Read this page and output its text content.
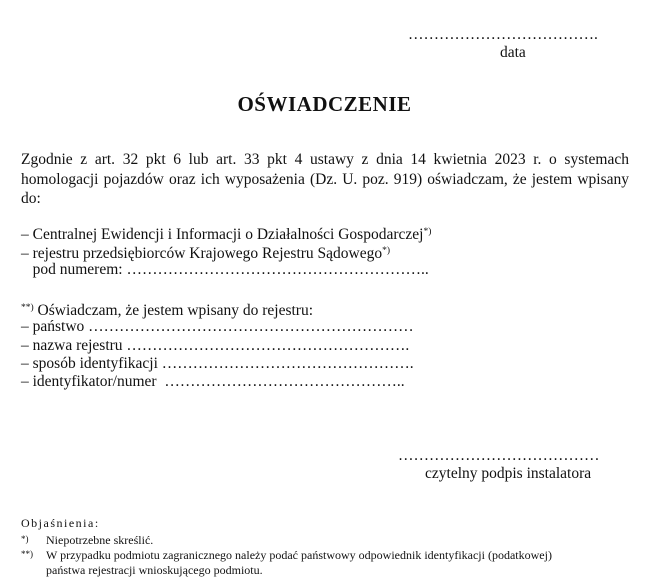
……………………………….
data
OŚWIADCZENIE
Zgodnie z art. 32 pkt 6 lub art. 33 pkt 4 ustawy z dnia 14 kwietnia 2023 r. o systemach homologacji pojazdów oraz ich wyposażenia (Dz. U. poz. 919) oświadczam, że jestem wpisany do:
– Centralnej Ewidencji i Informacji o Działalności Gospodarczej*)
– rejestru przedsiębiorców Krajowego Rejestru Sądowego*)
pod numerem: …………………………………………………..
**) Oświadczam, że jestem wpisany do rejestru:
– państwo ………………………………………………………
– nazwa rejestru ……………………………………………….
– sposób identyfikacji ………………………………………….
– identyfikator/numer  ………………………………………..
…………………………………
czytelny podpis instalatora
Objaśnienia:
*) Niepotrzebne skreślić.
**) W przypadku podmiotu zagranicznego należy podać państwowy odpowiednik identyfikacji (podatkowej)
państwa rejestracji wnioskującego podmiotu.
